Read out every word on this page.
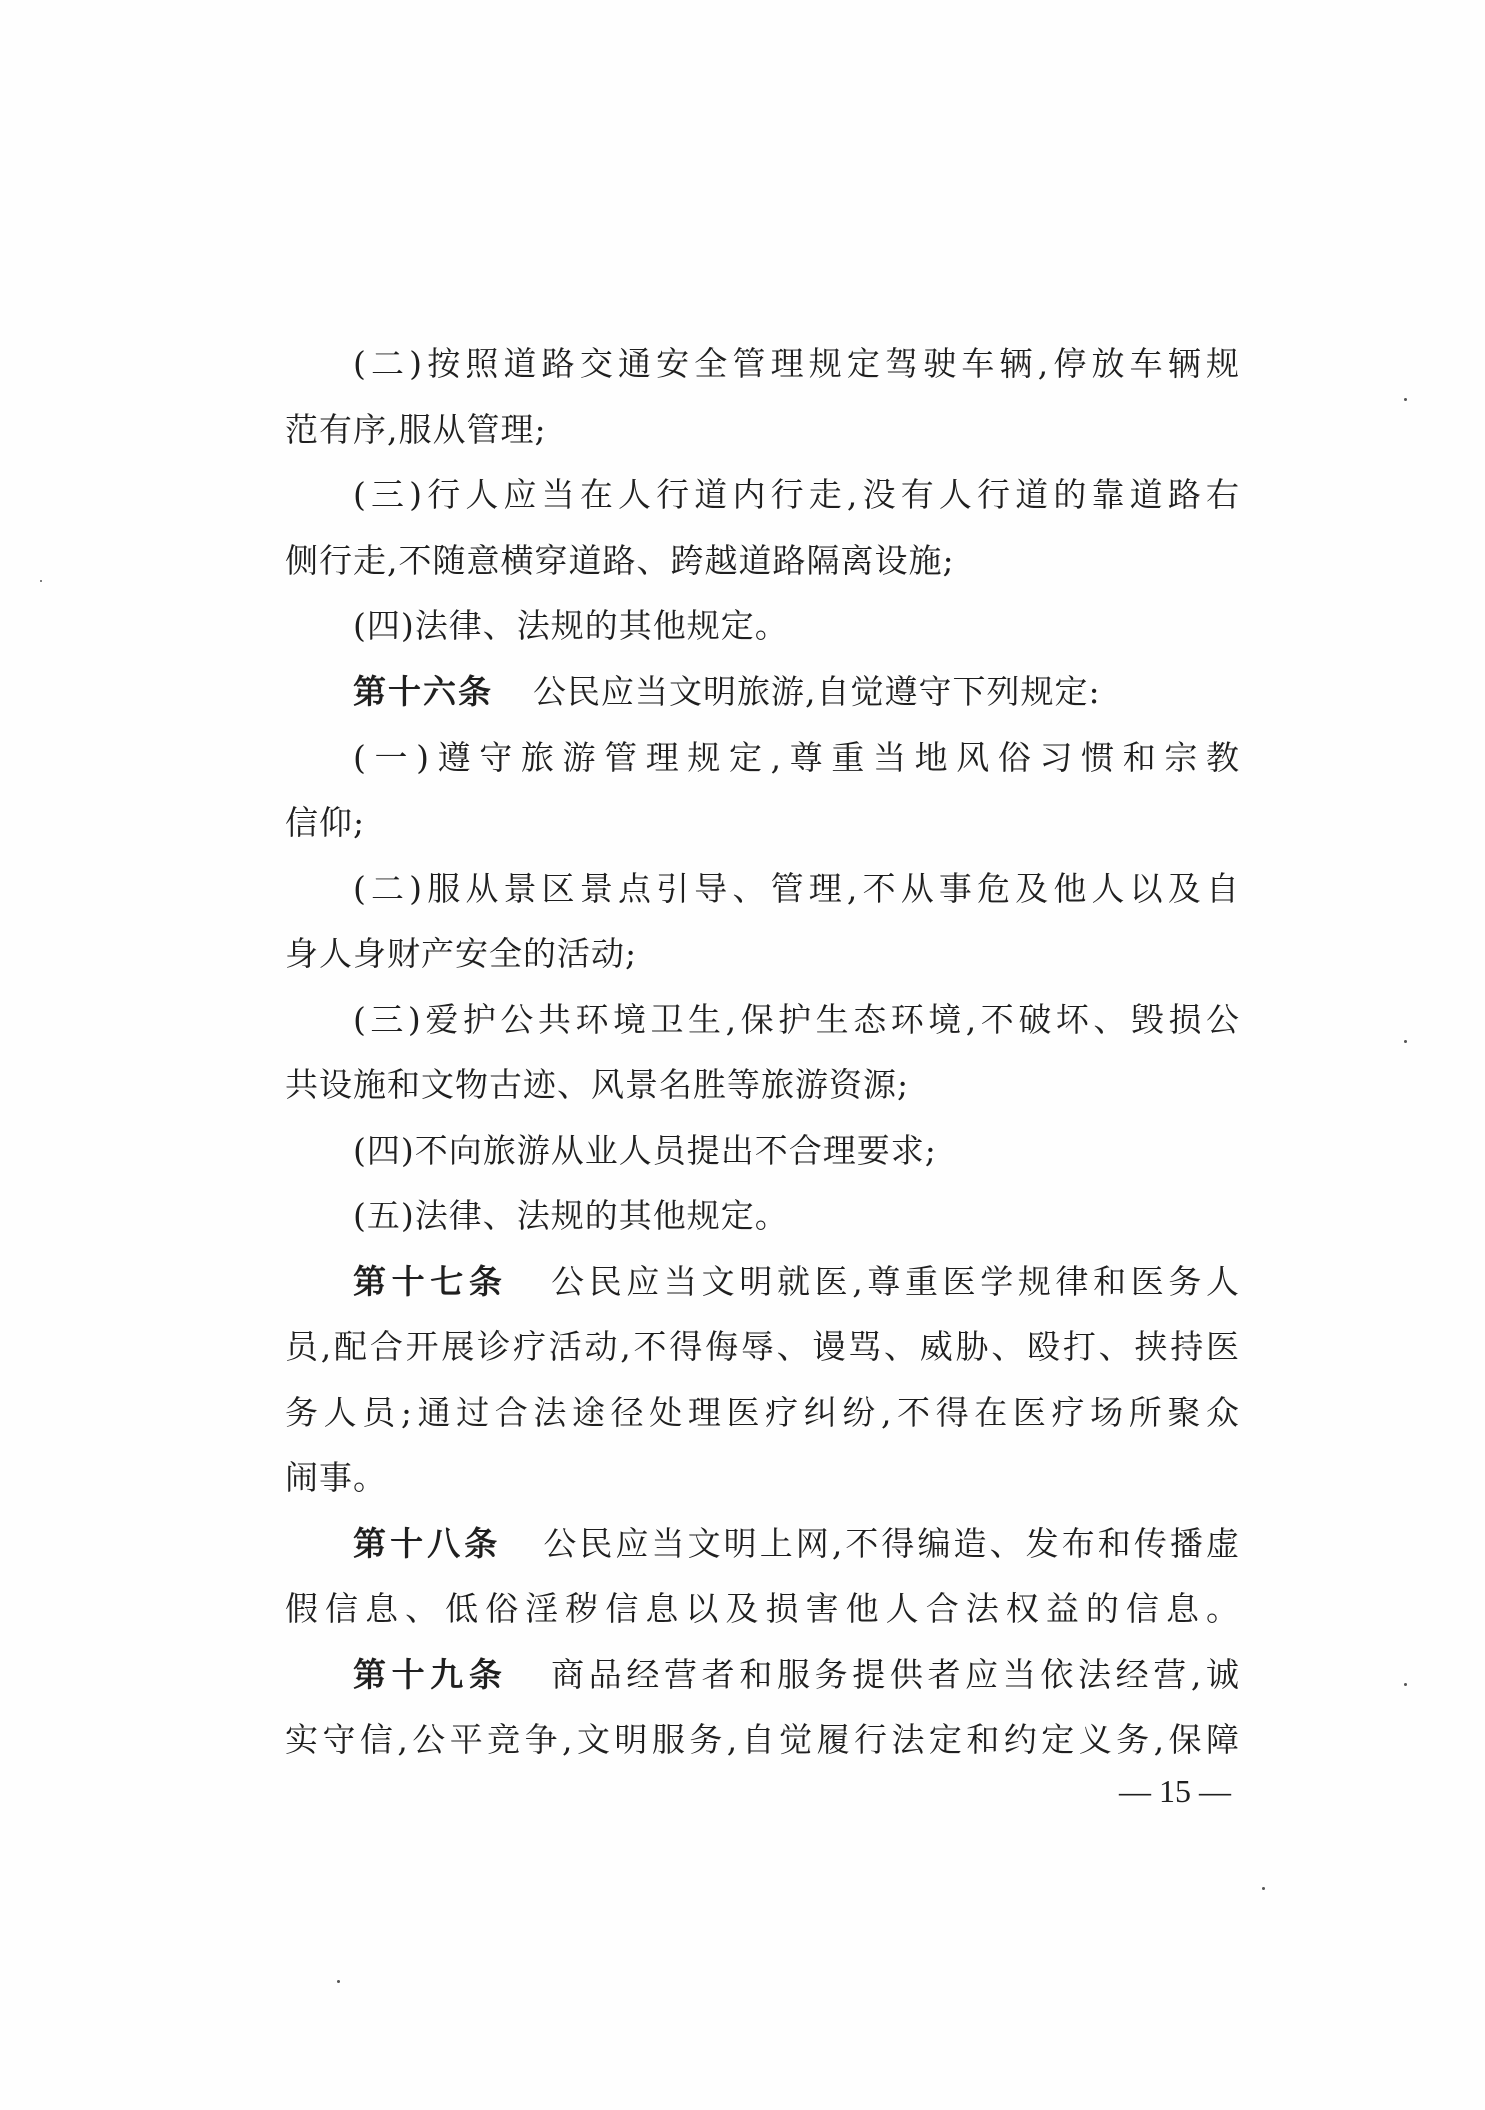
(二)按照道路交通安全管理规定驾驶车辆,停放车辆规
范有序,服从管理;
(三)行人应当在人行道内行走,没有人行道的靠道路右
侧行走,不随意横穿道路、跨越道路隔离设施;
(四)法律、法规的其他规定。
第十六条 公民应当文明旅游,自觉遵守下列规定:
(一)遵守旅游管理规定,尊重当地风俗习惯和宗教
信仰;
(二)服从景区景点引导、管理,不从事危及他人以及自
身人身财产安全的活动;
(三)爱护公共环境卫生,保护生态环境,不破坏、毁损公
共设施和文物古迹、风景名胜等旅游资源;
(四)不向旅游从业人员提出不合理要求;
(五)法律、法规的其他规定。
第十七条 公民应当文明就医,尊重医学规律和医务人
员,配合开展诊疗活动,不得侮辱、谩骂、威胁、殴打、挟持医
务人员;通过合法途径处理医疗纠纷,不得在医疗场所聚众
闹事。
第十八条 公民应当文明上网,不得编造、发布和传播虚
假信息、低俗淫秽信息以及损害他人合法权益的信息。
第十九条 商品经营者和服务提供者应当依法经营,诚
实守信,公平竞争,文明服务,自觉履行法定和约定义务,保障
— 15 —
